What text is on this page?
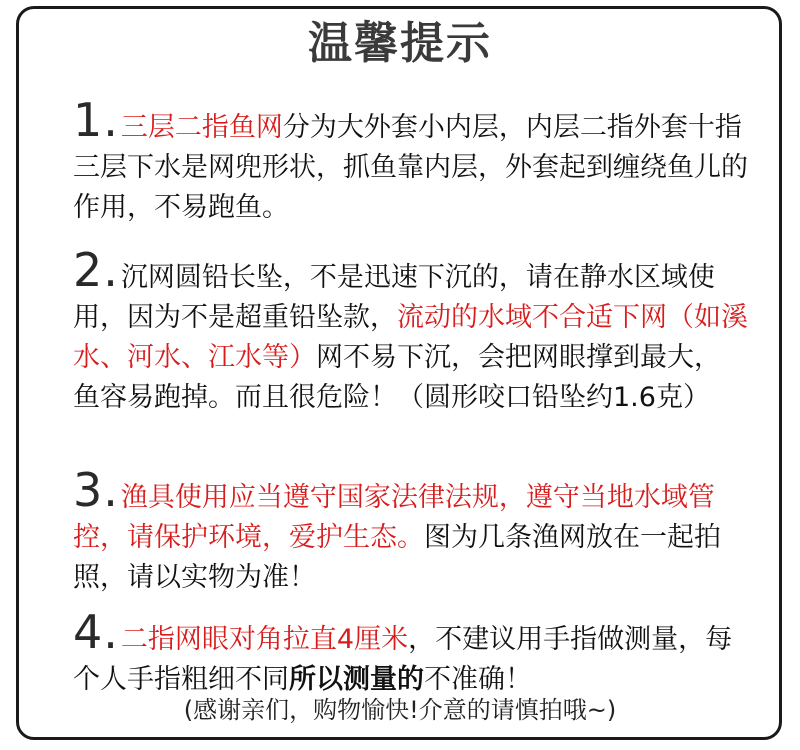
温馨提示
1.三层二指鱼网分为大外套小内层，内层二指外套十指三层下水是网兜形状，抓鱼靠内层，外套起到缠绕鱼儿的作用，不易跑鱼。
2.沉网圆铅长坠，不是迅速下沉的，请在静水区域使用，因为不是超重铅坠款，流动的水域不合适下网（如溪水、河水、江水等）网不易下沉，会把网眼撑到最大， 鱼容易跑掉。而且很危险！（圆形咬口铅坠约1.6克）
3.渔具使用应当遵守国家法律法规，遵守当地水域管控，请保护环境，爱护生态。图为几条渔网放在一起拍照，请以实物为准！
4.二指网眼对角拉直4厘米，不建议用手指做测量，每个人手指粗细不同所以测量的不准确！
(感谢亲们，购物愉快!介意的请慎拍哦~)
